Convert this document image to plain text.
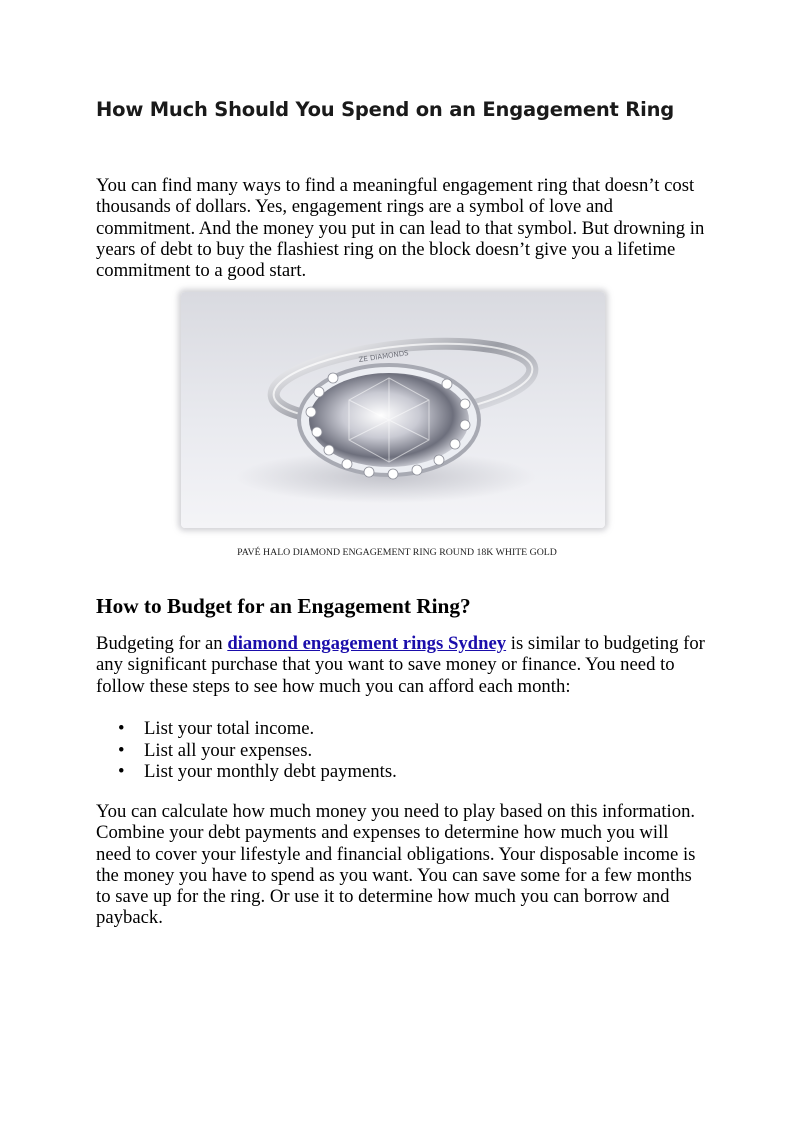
How Much Should You Spend on an Engagement Ring

You can find many ways to find a meaningful engagement ring that doesn’t cost thousands of dollars. Yes, engagement rings are a symbol of love and commitment. And the money you put in can lead to that symbol. But drowning in years of debt to buy the flashiest ring on the block doesn’t give you a lifetime commitment to a good start.

ZE DIAMONDS

PAVÉ HALO DIAMOND ENGAGEMENT RING ROUND 18K WHITE GOLD

How to Budget for an Engagement Ring?

Budgeting for an diamond engagement rings Sydney is similar to budgeting for any significant purchase that you want to save money or finance. You need to follow these steps to see how much you can afford each month:

• List your total income.
• List all your expenses.
• List your monthly debt payments.

You can calculate how much money you need to play based on this information. Combine your debt payments and expenses to determine how much you will need to cover your lifestyle and financial obligations. Your disposable income is the money you have to spend as you want. You can save some for a few months to save up for the ring. Or use it to determine how much you can borrow and payback.
